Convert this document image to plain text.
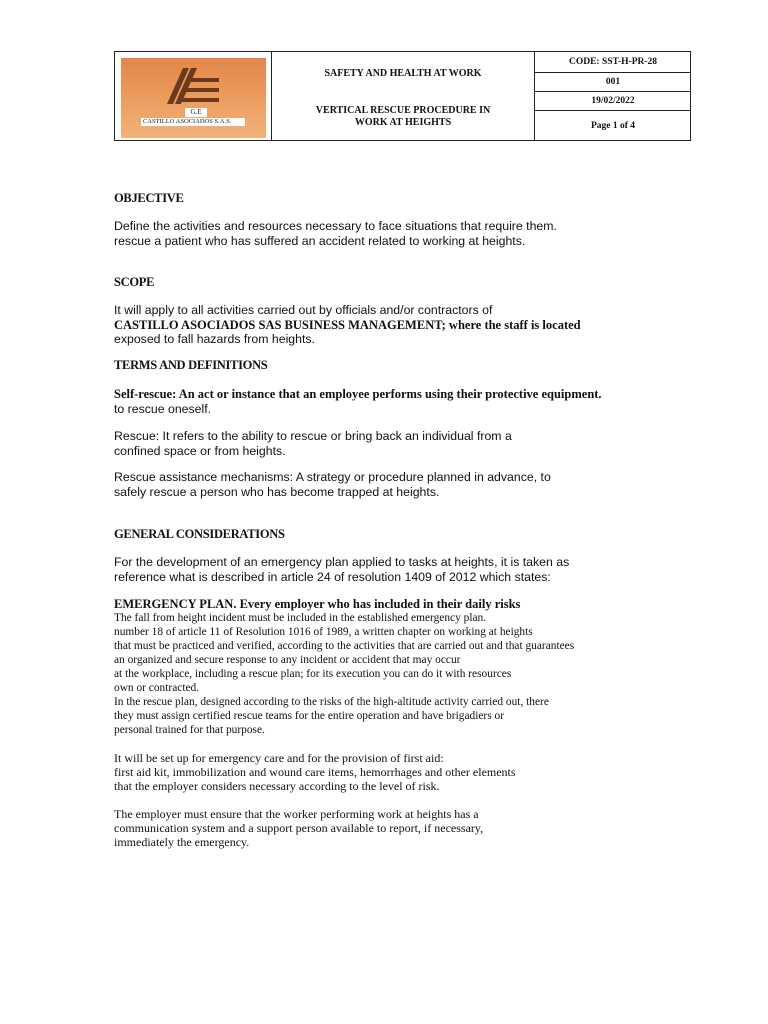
G.E
CASTILLO ASOCIADOS S.A.S.
SAFETY AND HEALTH AT WORK
VERTICAL RESCUE PROCEDURE IN
WORK AT HEIGHTS
CODE: SST-H-PR-28
001
19/02/2022
Page 1 of 4
OBJECTIVE
Define the activities and resources necessary to face situations that require them.
rescue a patient who has suffered an accident related to working at heights.
SCOPE
It will apply to all activities carried out by officials and/or contractors of
CASTILLO ASOCIADOS SAS BUSINESS MANAGEMENT; where the staff is located
exposed to fall hazards from heights.
TERMS AND DEFINITIONS
Self-rescue: An act or instance that an employee performs using their protective equipment.
to rescue oneself.
Rescue: It refers to the ability to rescue or bring back an individual from a
confined space or from heights.
Rescue assistance mechanisms: A strategy or procedure planned in advance, to
safely rescue a person who has become trapped at heights.
GENERAL CONSIDERATIONS
For the development of an emergency plan applied to tasks at heights, it is taken as
reference what is described in article 24 of resolution 1409 of 2012 which states:
EMERGENCY PLAN. Every employer who has included in their daily risks
The fall from height incident must be included in the established emergency plan.
number 18 of article 11 of Resolution 1016 of 1989, a written chapter on working at heights
that must be practiced and verified, according to the activities that are carried out and that guarantees
an organized and secure response to any incident or accident that may occur
at the workplace, including a rescue plan; for its execution you can do it with resources
own or contracted.
In the rescue plan, designed according to the risks of the high-altitude activity carried out, there
they must assign certified rescue teams for the entire operation and have brigadiers or
personal trained for that purpose.
It will be set up for emergency care and for the provision of first aid:
first aid kit, immobilization and wound care items, hemorrhages and other elements
that the employer considers necessary according to the level of risk.
The employer must ensure that the worker performing work at heights has a
communication system and a support person available to report, if necessary,
immediately the emergency.
